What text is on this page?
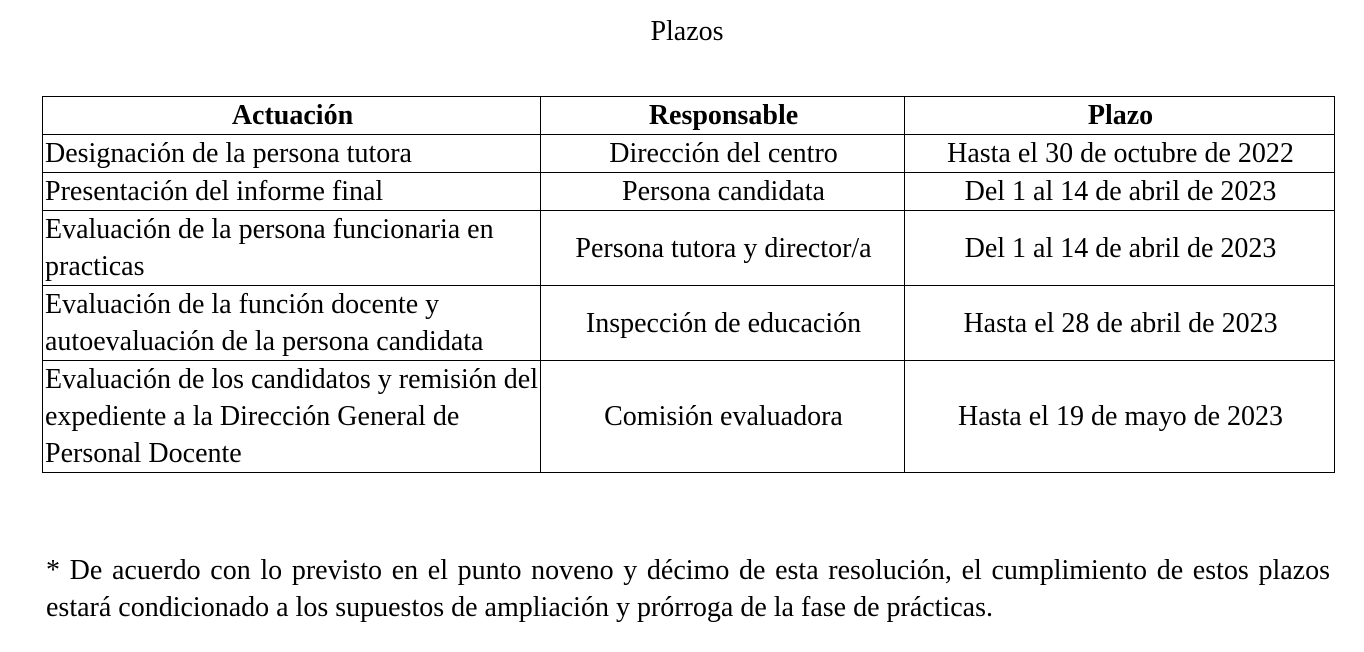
Plazos
Actuación	Responsable	Plazo
Designación de la persona tutora	Dirección del centro	Hasta el 30 de octubre de 2022
Presentación del informe final	Persona candidata	Del 1 al 14 de abril de 2023
Evaluación de la persona funcionaria en practicas	Persona tutora y director/a	Del 1 al 14 de abril de 2023
Evaluación de la función docente y autoevaluación de la persona candidata	Inspección de educación	Hasta el 28 de abril de 2023
Evaluación de los candidatos y remisión del expediente a la Dirección General de Personal Docente	Comisión evaluadora	Hasta el 19 de mayo de 2023
* De acuerdo con lo previsto en el punto noveno y décimo de esta resolución, el cumplimiento de estos plazos estará condicionado a los supuestos de ampliación y prórroga de la fase de prácticas.
